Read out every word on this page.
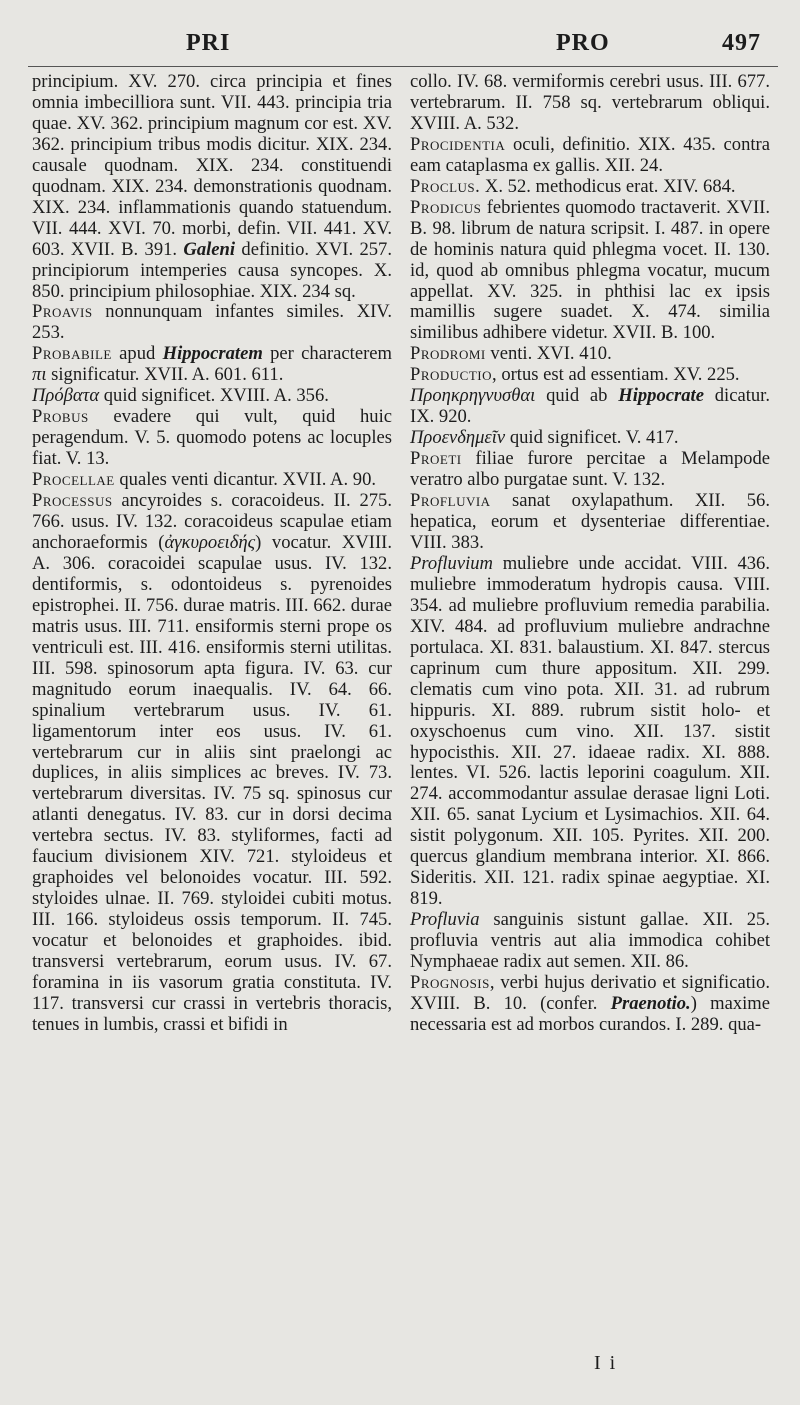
PRI	PRO	497

principium. XV. 270. circa principia et fines omnia imbecilliora sunt. VII. 443. principia tria quae. XV. 362. principium magnum cor est. XV. 362. principium tribus modis dicitur. XIX. 234. causale quodnam. XIX. 234. constituendi quodnam. XIX. 234. demonstrationis quodnam. XIX. 234. inflammationis quando statuendum. VII. 444. XVI. 70. morbi, defin. VII. 441. XV. 603. XVII. B. 391. Galeni definitio. XVI. 257. principiorum intemperies causa syncopes. X. 850. principium philosophiae. XIX. 234 sq.

Proavis nonnunquam infantes similes. XIV. 253.

Probabile apud Hippocratem per characterem πι significatur. XVII. A. 601. 611.

Πρόβατα quid significet. XVIII. A. 356.

Probus evadere qui vult, quid huic peragendum. V. 5. quomodo potens ac locuples fiat. V. 13.

Procellae quales venti dicantur. XVII. A. 90.

Processus ancyroides s. coracoideus. II. 275. 766. usus. IV. 132. coracoideus scapulae etiam anchoraeformis (ἀγκυροειδής) vocatur. XVIII. A. 306. coracoidei scapulae usus. IV. 132. dentiformis, s. odontoideus s. pyrenoides epistrophei. II. 756. durae matris. III. 662. durae matris usus. III. 711. ensiformis sterni prope os ventriculi est. III. 416. ensiformis sterni utilitas. III. 598. spinosorum apta figura. IV. 63. cur magnitudo eorum inaequalis. IV. 64. 66. spinalium vertebrarum usus. IV. 61. ligamentorum inter eos usus. IV. 61. vertebrarum cur in aliis sint praelongi ac duplices, in aliis simplices ac breves. IV. 73. vertebrarum diversitas. IV. 75 sq. spinosus cur atlanti denegatus. IV. 83. cur in dorsi decima vertebra sectus. IV. 83. styliformes, facti ad faucium divisionem XIV. 721. styloideus et graphoides vel belonoides vocatur. III. 592. styloides ulnae. II. 769. styloidei cubiti motus. III. 166. styloideus ossis temporum. II. 745. vocatur et belonoides et graphoides. ibid. transversi vertebrarum, eorum usus. IV. 67. foramina in iis vasorum gratia constituta. IV. 117. transversi cur crassi in vertebris thoracis, tenues in lumbis, crassi et bifidi in

collo. IV. 68. vermiformis cerebri usus. III. 677. vertebrarum. II. 758 sq. vertebrarum obliqui. XVIII. A. 532.

Procidentia oculi, definitio. XIX. 435. contra eam cataplasma ex gallis. XII. 24.

Proclus. X. 52. methodicus erat. XIV. 684.

Prodicus febrientes quomodo tractaverit. XVII. B. 98. librum de natura scripsit. I. 487. in opere de hominis natura quid phlegma vocet. II. 130. id, quod ab omnibus phlegma vocatur, mucum appellat. XV. 325. in phthisi lac ex ipsis mamillis sugere suadet. X. 474. similia similibus adhibere videtur. XVII. B. 100.

Prodromi venti. XVI. 410.

Productio, ortus est ad essentiam. XV. 225.

Προηκρηγνυσθαι quid ab Hippocrate dicatur. IX. 920.

Προενδημεῖν quid significet. V. 417.

Proeti filiae furore percitae a Melampode veratro albo purgatae sunt. V. 132.

Profluvia sanat oxylapathum. XII. 56. hepatica, eorum et dysenteriae differentiae. VIII. 383.

Profluvium muliebre unde accidat. VIII. 436. muliebre immoderatum hydropis causa. VIII. 354. ad muliebre profluvium remedia parabilia. XIV. 484. ad profluvium muliebre andrachne portulaca. XI. 831. balaustium. XI. 847. stercus caprinum cum thure appositum. XII. 299. clematis cum vino pota. XII. 31. ad rubrum hippuris. XI. 889. rubrum sistit holo- et oxyschoenus cum vino. XII. 137. sistit hypocisthis. XII. 27. idaeae radix. XI. 888. lentes. VI. 526. lactis leporini coagulum. XII. 274. accommodantur assulae derasae ligni Loti. XII. 65. sanat Lycium et Lysimachios. XII. 64. sistit polygonum. XII. 105. Pyrites. XII. 200. quercus glandium membrana interior. XI. 866. Sideritis. XII. 121. radix spinae aegyptiae. XI. 819.

Profluvia sanguinis sistunt gallae. XII. 25. profluvia ventris aut alia immodica cohibet Nymphaeae radix aut semen. XII. 86.

Prognosis, verbi hujus derivatio et significatio. XVIII. B. 10. (confer. Praenotio.) maxime necessaria est ad morbos curandos. I. 289. qua-

I i
